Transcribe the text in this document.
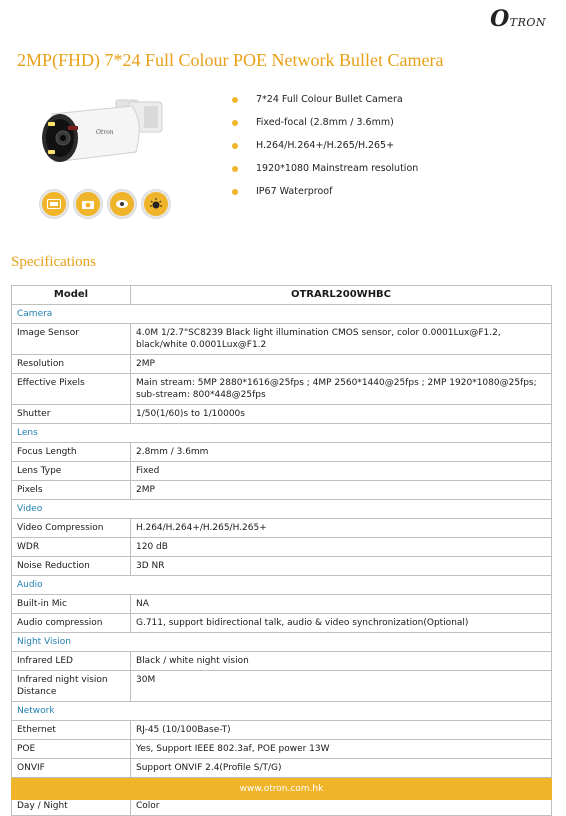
OTRON
2MP(FHD) 7*24 Full Colour POE Network Bullet Camera
Otron
7*24 Full Colour Bullet Camera
Fixed-focal (2.8mm / 3.6mm)
H.264/H.264+/H.265/H.265+
1920*1080 Mainstream resolution
IP67 Waterproof
Specifications
Model	OTRARL200WHBC
Camera	
Image Sensor	4.0M 1/2.7"SC8239 Black light illumination CMOS sensor, color 0.0001Lux@F1.2, black/white 0.0001Lux@F1.2
Resolution	2MP
Effective Pixels	Main stream: 5MP 2880*1616@25fps ; 4MP 2560*1440@25fps ; 2MP 1920*1080@25fps; sub-stream: 800*448@25fps
Shutter	1/50(1/60)s to 1/10000s
Lens	
Focus Length	2.8mm / 3.6mm
Lens Type	Fixed
Pixels	2MP
Video	
Video Compression	H.264/H.264+/H.265/H.265+
WDR	120 dB
Noise Reduction	3D NR
Audio	
Built-in Mic	NA
Audio compression	G.711, support bidirectional talk, audio & video synchronization(Optional)
Night Vision	
Infrared LED	Black / white night vision
Infrared night vision Distance	30M
Network	
Ethernet	RJ-45 (10/100Base-T)
POE	Yes, Support IEEE 802.3af, POE power 13W
ONVIF	Support ONVIF 2.4(Profile S/T/G)

Day / Night	Color
www.otron.com.hk
